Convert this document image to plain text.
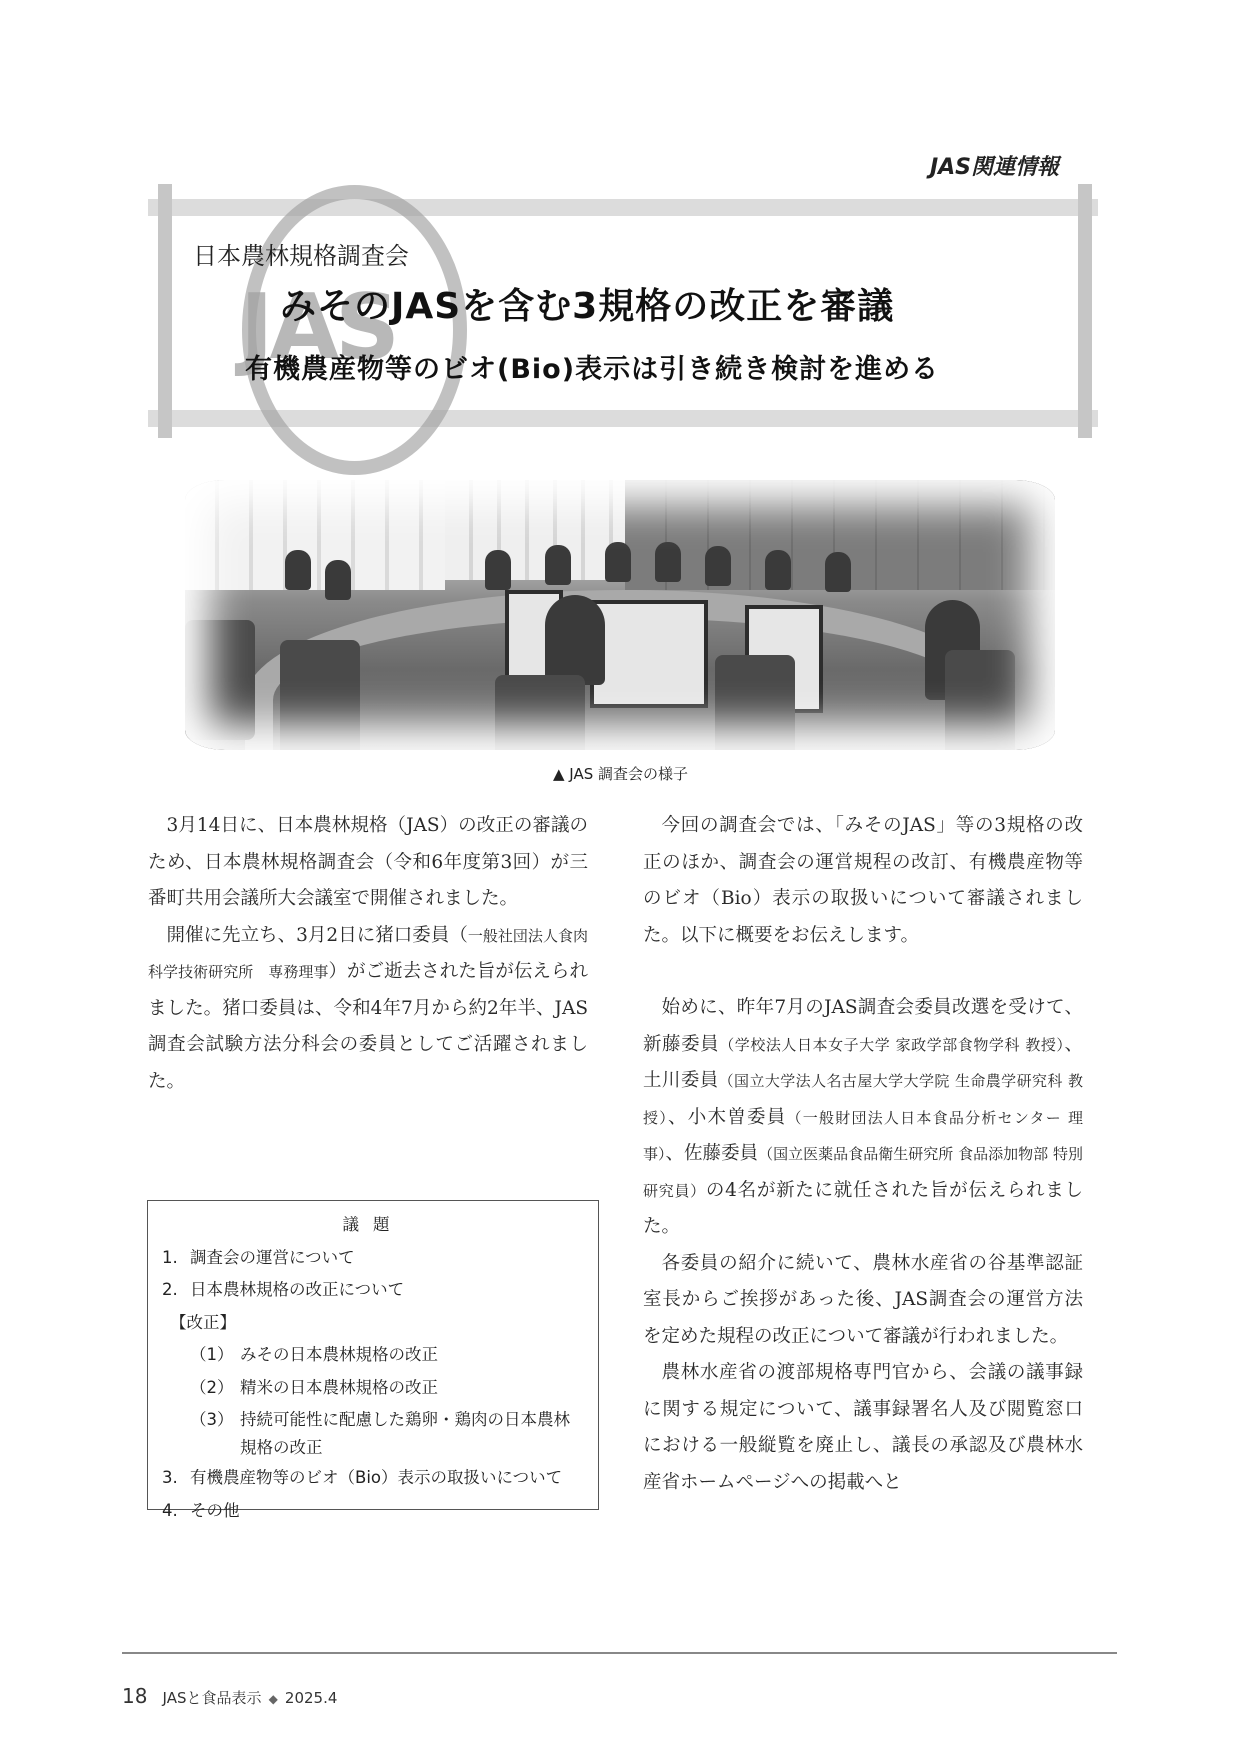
JAS関連情報
JAS
日本農林規格調査会
みそのJASを含む3規格の改正を審議
有機農産物等のビオ(Bio)表示は引き続き検討を進める
▲ JAS 調査会の様子

3月14日に、日本農林規格（JAS）の改正の審議のため、日本農林規格調査会（令和6年度第3回）が三番町共用会議所大会議室で開催されました。

開催に先立ち、3月2日に猪口委員（一般社団法人食肉科学技術研究所　専務理事）がご逝去された旨が伝えられました。猪口委員は、令和4年7月から約2年半、JAS調査会試験方法分科会の委員としてご活躍されました。

議題
1. 調査会の運営について
2. 日本農林規格の改正について
【改正】
（1） みその日本農林規格の改正
（2） 精米の日本農林規格の改正
（3） 持続可能性に配慮した鶏卵・鶏肉の日本農林規格の改正
3. 有機農産物等のビオ（Bio）表示の取扱いについて
4. その他

今回の調査会では、「みそのJAS」等の3規格の改正のほか、調査会の運営規程の改訂、有機農産物等のビオ（Bio）表示の取扱いについて審議されました。以下に概要をお伝えします。

始めに、昨年7月のJAS調査会委員改選を受けて、新藤委員（学校法人日本女子大学 家政学部食物学科 教授）、土川委員（国立大学法人名古屋大学大学院 生命農学研究科 教授）、小木曽委員（一般財団法人日本食品分析センター 理事）、佐藤委員（国立医薬品食品衛生研究所 食品添加物部 特別研究員）の4名が新たに就任された旨が伝えられました。

各委員の紹介に続いて、農林水産省の谷基準認証室長からご挨拶があった後、JAS調査会の運営方法を定めた規程の改正について審議が行われました。

農林水産省の渡部規格専門官から、会議の議事録に関する規定について、議事録署名人及び閲覧窓口における一般縦覧を廃止し、議長の承認及び農林水産省ホームページへの掲載へと

18 JASと食品表示 ◆ 2025.4
